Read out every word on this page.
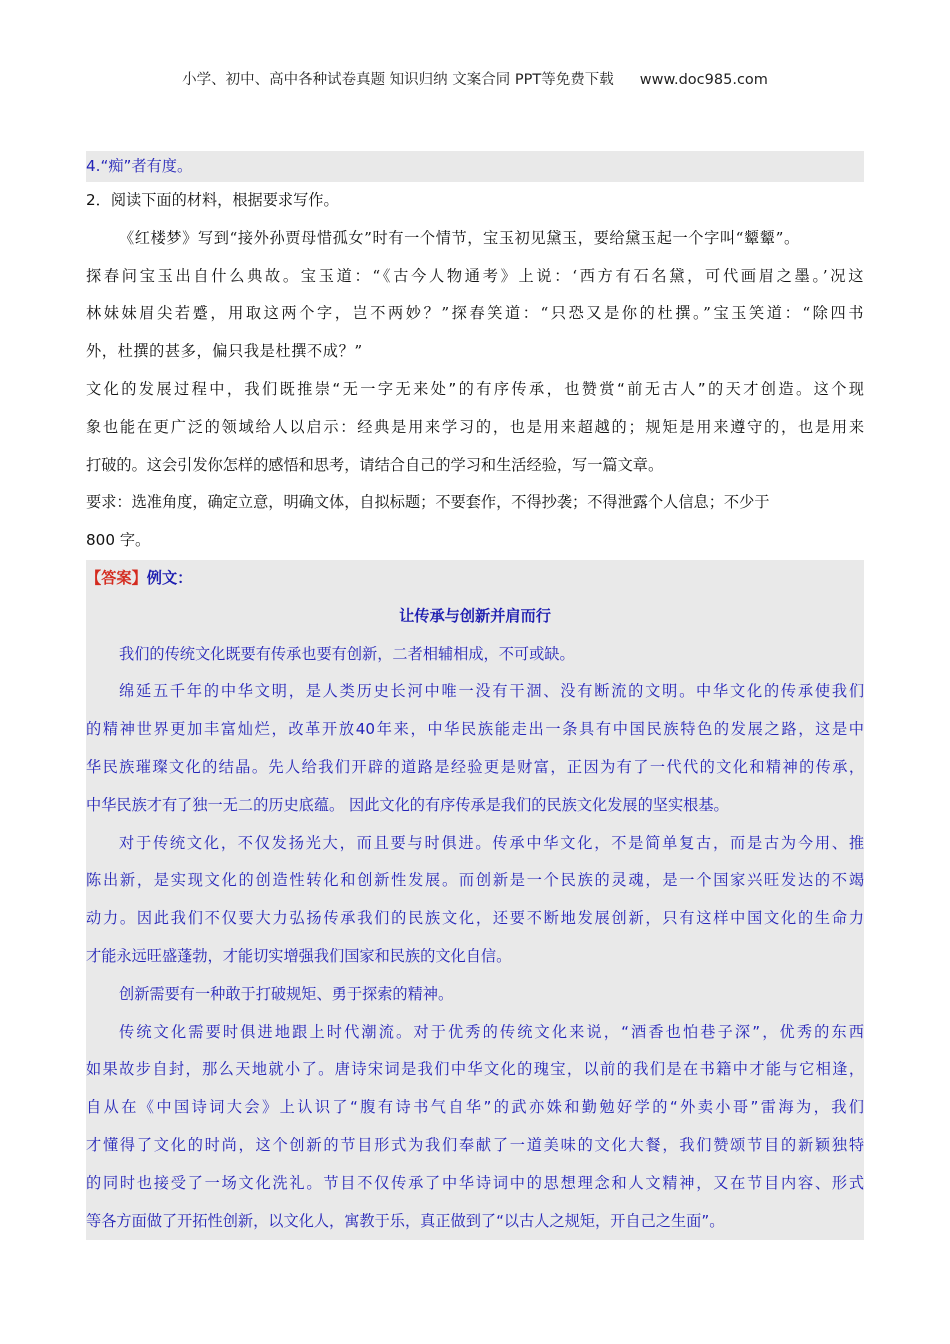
小学、初中、高中各种试卷真题 知识归纳 文案合同 PPT等免费下载 www.doc985.com
4.“痴”者有度。
2．阅读下面的材料，根据要求写作。
《红楼梦》写到“接外孙贾母惜孤女”时有一个情节，宝玉初见黛玉，要给黛玉起一个字叫“颦颦”。
探春问宝玉出自什么典故。宝玉道：“《古今人物通考》上说：‘西方有石名黛，可代画眉之墨。’况这
林妹妹眉尖若蹙，用取这两个字，岂不两妙？”探春笑道：“只恐又是你的杜撰。”宝玉笑道：“除四书
外，杜撰的甚多，偏只我是杜撰不成？”
文化的发展过程中，我们既推崇“无一字无来处”的有序传承，也赞赏“前无古人”的天才创造。这个现
象也能在更广泛的领域给人以启示：经典是用来学习的，也是用来超越的；规矩是用来遵守的，也是用来
打破的。这会引发你怎样的感悟和思考，请结合自己的学习和生活经验，写一篇文章。
要求：选准角度，确定立意，明确文体，自拟标题；不要套作，不得抄袭；不得泄露个人信息；不少于
800 字。
【答案】例文：
让传承与创新并肩而行
我们的传统文化既要有传承也要有创新，二者相辅相成，不可或缺。
绵延五千年的中华文明，是人类历史长河中唯一没有干涸、没有断流的文明。中华文化的传承使我们
的精神世界更加丰富灿烂，改革开放40年来，中华民族能走出一条具有中国民族特色的发展之路，这是中
华民族璀璨文化的结晶。先人给我们开辟的道路是经验更是财富，正因为有了一代代的文化和精神的传承，
中华民族才有了独一无二的历史底蕴。 因此文化的有序传承是我们的民族文化发展的坚实根基。
对于传统文化，不仅发扬光大，而且要与时俱进。传承中华文化，不是简单复古，而是古为今用、推
陈出新，是实现文化的创造性转化和创新性发展。而创新是一个民族的灵魂，是一个国家兴旺发达的不竭
动力。因此我们不仅要大力弘扬传承我们的民族文化，还要不断地发展创新，只有这样中国文化的生命力
才能永远旺盛蓬勃，才能切实增强我们国家和民族的文化自信。
创新需要有一种敢于打破规矩、勇于探索的精神。
传统文化需要时俱进地跟上时代潮流。对于优秀的传统文化来说，“酒香也怕巷子深”，优秀的东西
如果故步自封，那么天地就小了。唐诗宋词是我们中华文化的瑰宝，以前的我们是在书籍中才能与它相逢，
自从在《中国诗词大会》上认识了“腹有诗书气自华”的武亦姝和勤勉好学的“外卖小哥”雷海为，我们
才懂得了文化的时尚，这个创新的节目形式为我们奉献了一道美味的文化大餐，我们赞颂节目的新颖独特
的同时也接受了一场文化洗礼。节目不仅传承了中华诗词中的思想理念和人文精神，又在节目内容、形式
等各方面做了开拓性创新，以文化人，寓教于乐，真正做到了“以古人之规矩，开自己之生面”。
